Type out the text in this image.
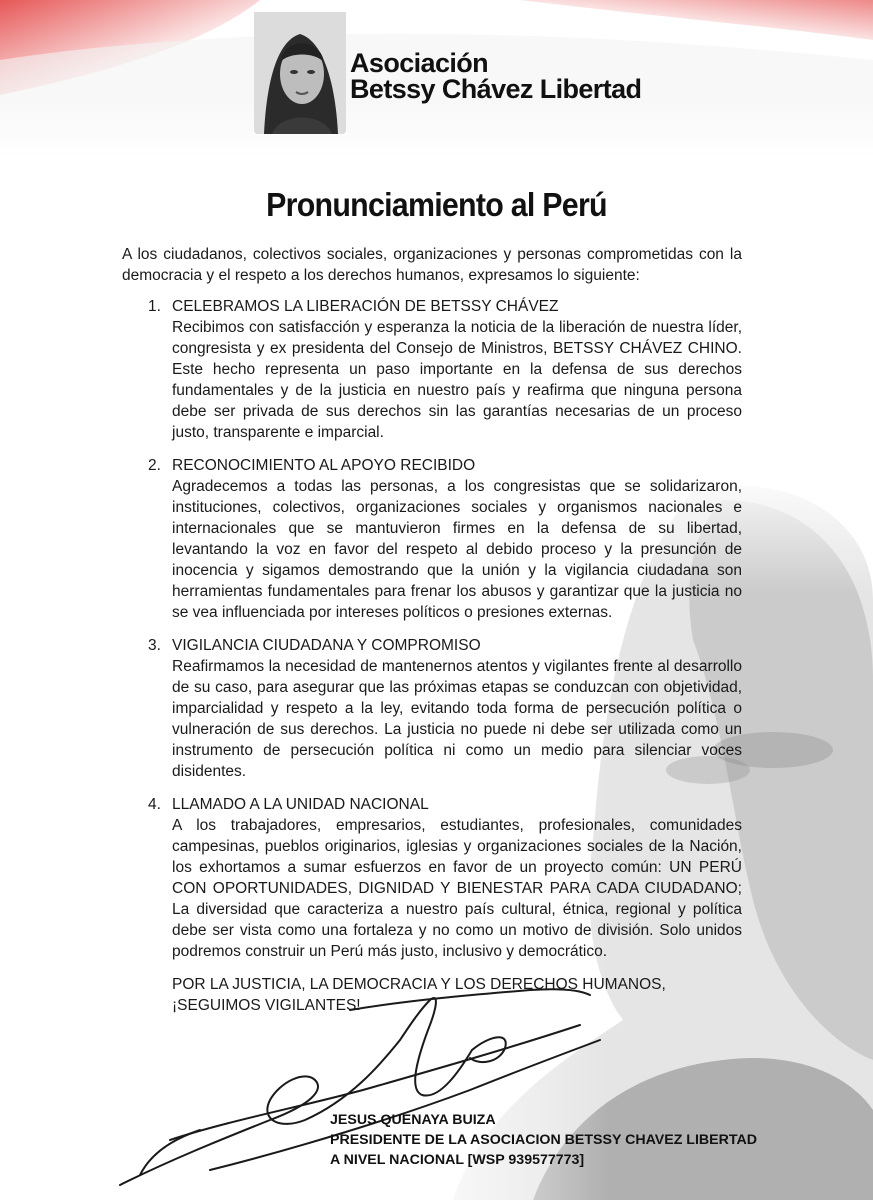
Asociación
Betssy Chávez Libertad
Pronunciamiento al Perú

A los ciudadanos, colectivos sociales, organizaciones y personas comprometidas con la democracia y el respeto a los derechos humanos, expresamos lo siguiente:

1. CELEBRAMOS LA LIBERACIÓN DE BETSSY CHÁVEZ
Recibimos con satisfacción y esperanza la noticia de la liberación de nuestra líder, congresista y ex presidenta del Consejo de Ministros, BETSSY CHÁVEZ CHINO. Este hecho representa un paso importante en la defensa de sus derechos fundamentales y de la justicia en nuestro país y reafirma que ninguna persona debe ser privada de sus derechos sin las garantías necesarias de un proceso justo, transparente e imparcial.
2. RECONOCIMIENTO AL APOYO RECIBIDO
Agradecemos a todas las personas, a los congresistas que se solidarizaron, instituciones, colectivos, organizaciones sociales y organismos nacionales e internacionales que se mantuvieron firmes en la defensa de su libertad, levantando la voz en favor del respeto al debido proceso y la presunción de inocencia y sigamos demostrando que la unión y la vigilancia ciudadana son herramientas fundamentales para frenar los abusos y garantizar que la justicia no se vea influenciada por intereses políticos o presiones externas.
3. VIGILANCIA CIUDADANA Y COMPROMISO
Reafirmamos la necesidad de mantenernos atentos y vigilantes frente al desarrollo de su caso, para asegurar que las próximas etapas se conduzcan con objetividad, imparcialidad y respeto a la ley, evitando toda forma de persecución política o vulneración de sus derechos. La justicia no puede ni debe ser utilizada como un instrumento de persecución política ni como un medio para silenciar voces disidentes.
4. LLAMADO A LA UNIDAD NACIONAL
A los trabajadores, empresarios, estudiantes, profesionales, comunidades campesinas, pueblos originarios, iglesias y organizaciones sociales de la Nación, los exhortamos a sumar esfuerzos en favor de un proyecto común: UN PERÚ CON OPORTUNIDADES, DIGNIDAD Y BIENESTAR PARA CADA CIUDADANO; La diversidad que caracteriza a nuestro país cultural, étnica, regional y política debe ser vista como una fortaleza y no como un motivo de división. Solo unidos podremos construir un Perú más justo, inclusivo y democrático.
POR LA JUSTICIA, LA DEMOCRACIA Y LOS DERECHOS HUMANOS,
¡SEGUIMOS VIGILANTES!
JESUS QUENAYA BUIZA
PRESIDENTE DE LA ASOCIACION BETSSY CHAVEZ LIBERTAD
A NIVEL NACIONAL [WSP 939577773]
